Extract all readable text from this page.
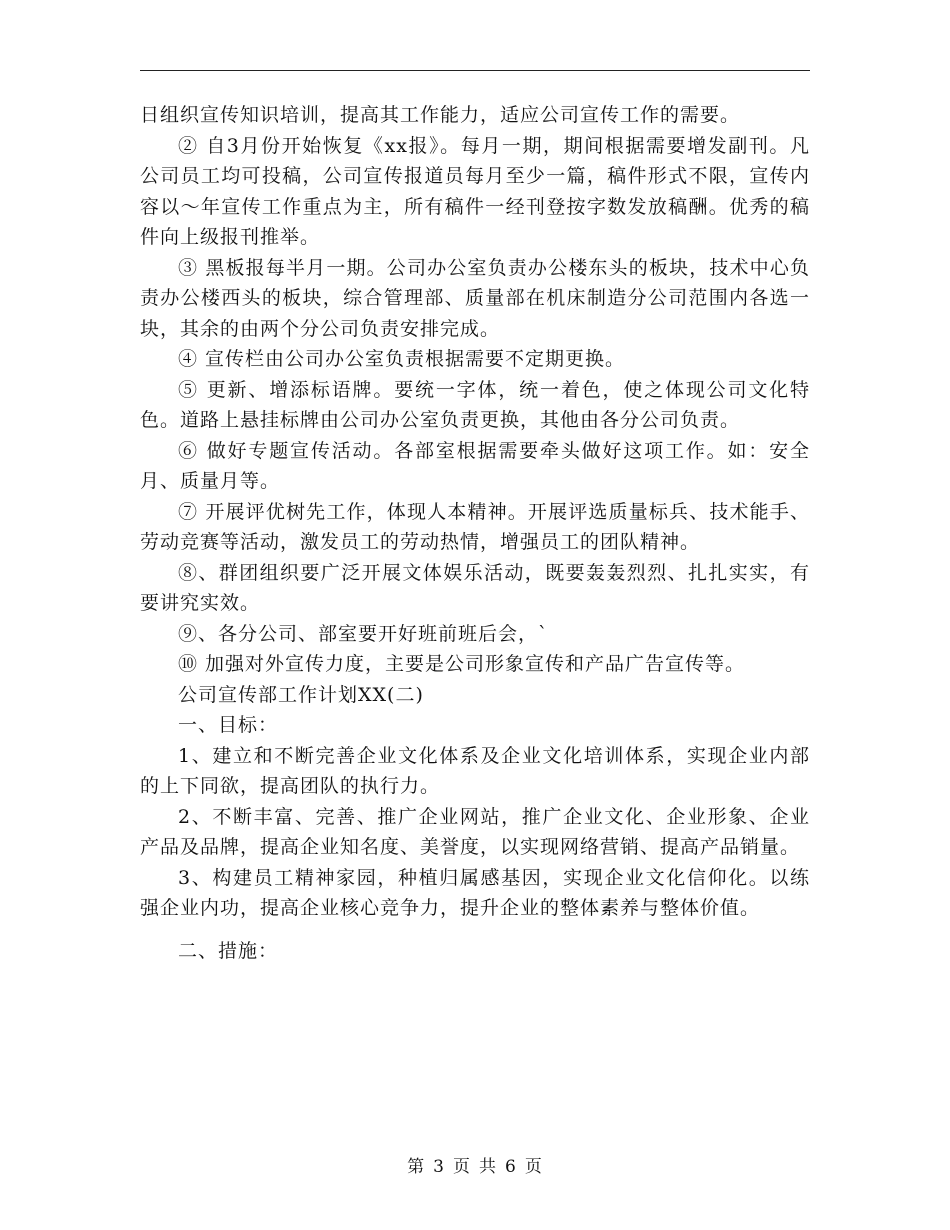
日组织宣传知识培训，提高其工作能力，适应公司宣传工作的需要。

② 自3月份开始恢复《xx报》。每月一期，期间根据需要增发副刊。凡公司员工均可投稿，公司宣传报道员每月至少一篇，稿件形式不限，宣传内容以～年宣传工作重点为主，所有稿件一经刊登按字数发放稿酬。优秀的稿件向上级报刊推举。

③ 黑板报每半月一期。公司办公室负责办公楼东头的板块，技术中心负责办公楼西头的板块，综合管理部、质量部在机床制造分公司范围内各选一块，其余的由两个分公司负责安排完成。

④ 宣传栏由公司办公室负责根据需要不定期更换。

⑤ 更新、增添标语牌。要统一字体，统一着色，使之体现公司文化特色。道路上悬挂标牌由公司办公室负责更换，其他由各分公司负责。

⑥ 做好专题宣传活动。各部室根据需要牵头做好这项工作。如：安全月、质量月等。

⑦ 开展评优树先工作，体现人本精神。开展评选质量标兵、技术能手、劳动竞赛等活动，激发员工的劳动热情，增强员工的团队精神。

⑧、群团组织要广泛开展文体娱乐活动，既要轰轰烈烈、扎扎实实，有要讲究实效。

⑨、各分公司、部室要开好班前班后会，`

⑩ 加强对外宣传力度，主要是公司形象宣传和产品广告宣传等。

公司宣传部工作计划XX(二)

一、目标：

1、建立和不断完善企业文化体系及企业文化培训体系，实现企业内部的上下同欲，提高团队的执行力。

2、不断丰富、完善、推广企业网站，推广企业文化、企业形象、企业产品及品牌，提高企业知名度、美誉度，以实现网络营销、提高产品销量。

3、构建员工精神家园，种植归属感基因，实现企业文化信仰化。以练强企业内功，提高企业核心竞争力，提升企业的整体素养与整体价值。

二、措施：

第 3 页 共 6 页
